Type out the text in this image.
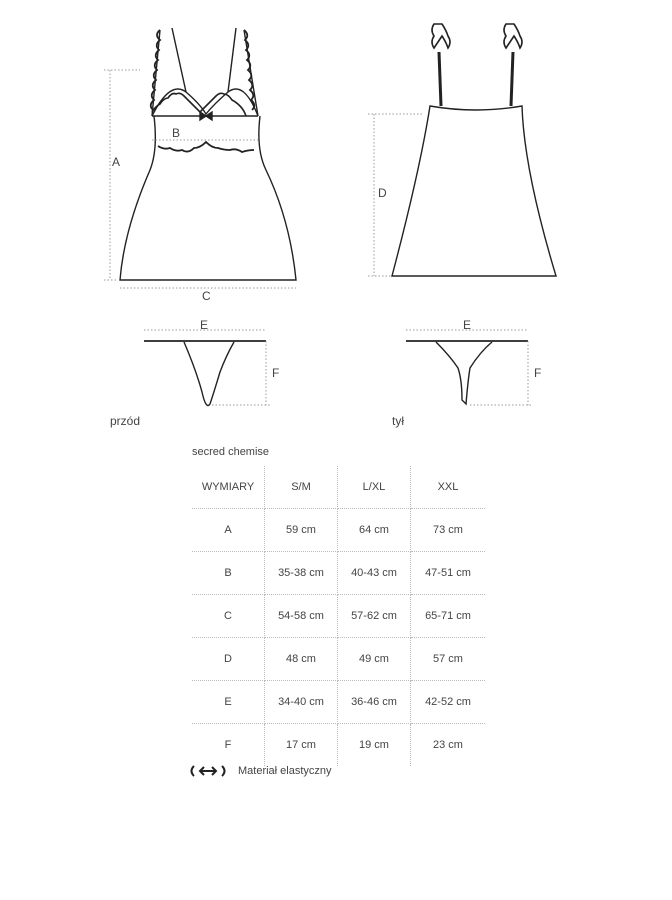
A
B
C
D
E
F
E
F
przód	tył
secred chemise
WYMIARY	S/M	L/XL	XXL
A	59 cm	64 cm	73 cm
B	35-38 cm	40-43 cm	47-51 cm
C	54-58 cm	57-62 cm	65-71 cm
D	48 cm	49 cm	57 cm
E	34-40 cm	36-46 cm	42-52 cm
F	17 cm	19 cm	23 cm
Materiał elastyczny
